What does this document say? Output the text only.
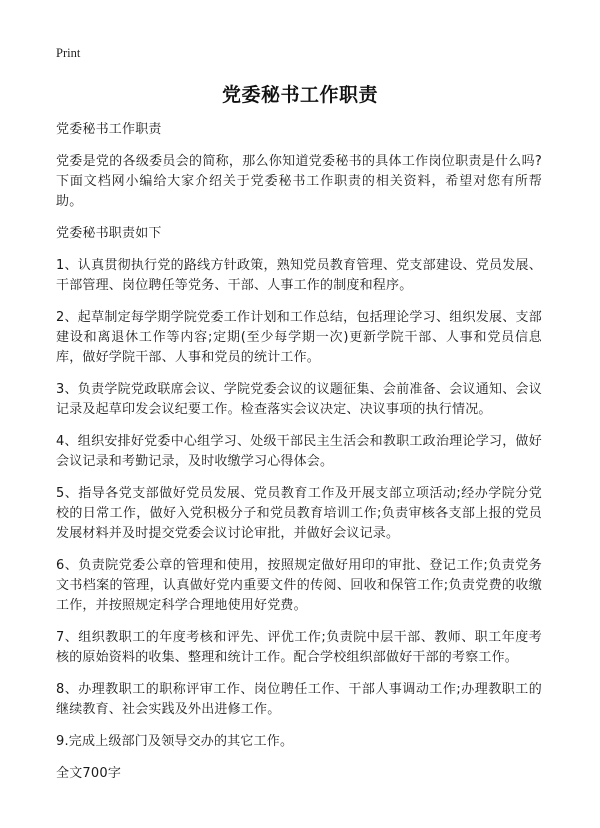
Print
党委秘书工作职责

党委秘书工作职责

党委是党的各级委员会的简称，那么你知道党委秘书的具体工作岗位职责是什么吗?下面文档网小编给大家介绍关于党委秘书工作职责的相关资料，希望对您有所帮助。

党委秘书职责如下

1、认真贯彻执行党的路线方针政策，熟知党员教育管理、党支部建设、党员发展、干部管理、岗位聘任等党务、干部、人事工作的制度和程序。

2、起草制定每学期学院党委工作计划和工作总结，包括理论学习、组织发展、支部建设和离退休工作等内容;定期(至少每学期一次)更新学院干部、人事和党员信息库，做好学院干部、人事和党员的统计工作。

3、负责学院党政联席会议、学院党委会议的议题征集、会前准备、会议通知、会议记录及起草印发会议纪要工作。检查落实会议决定、决议事项的执行情况。

4、组织安排好党委中心组学习、处级干部民主生活会和教职工政治理论学习，做好会议记录和考勤记录，及时收缴学习心得体会。

5、指导各党支部做好党员发展、党员教育工作及开展支部立项活动;经办学院分党校的日常工作，做好入党积极分子和党员教育培训工作;负责审核各支部上报的党员发展材料并及时提交党委会议讨论审批，并做好会议记录。

6、负责院党委公章的管理和使用，按照规定做好用印的审批、登记工作;负责党务文书档案的管理，认真做好党内重要文件的传阅、回收和保管工作;负责党费的收缴工作，并按照规定科学合理地使用好党费。

7、组织教职工的年度考核和评先、评优工作;负责院中层干部、教师、职工年度考核的原始资料的收集、整理和统计工作。配合学校组织部做好干部的考察工作。

8、办理教职工的职称评审工作、岗位聘任工作、干部人事调动工作;办理教职工的继续教育、社会实践及外出进修工作。

9.完成上级部门及领导交办的其它工作。

全文700字
